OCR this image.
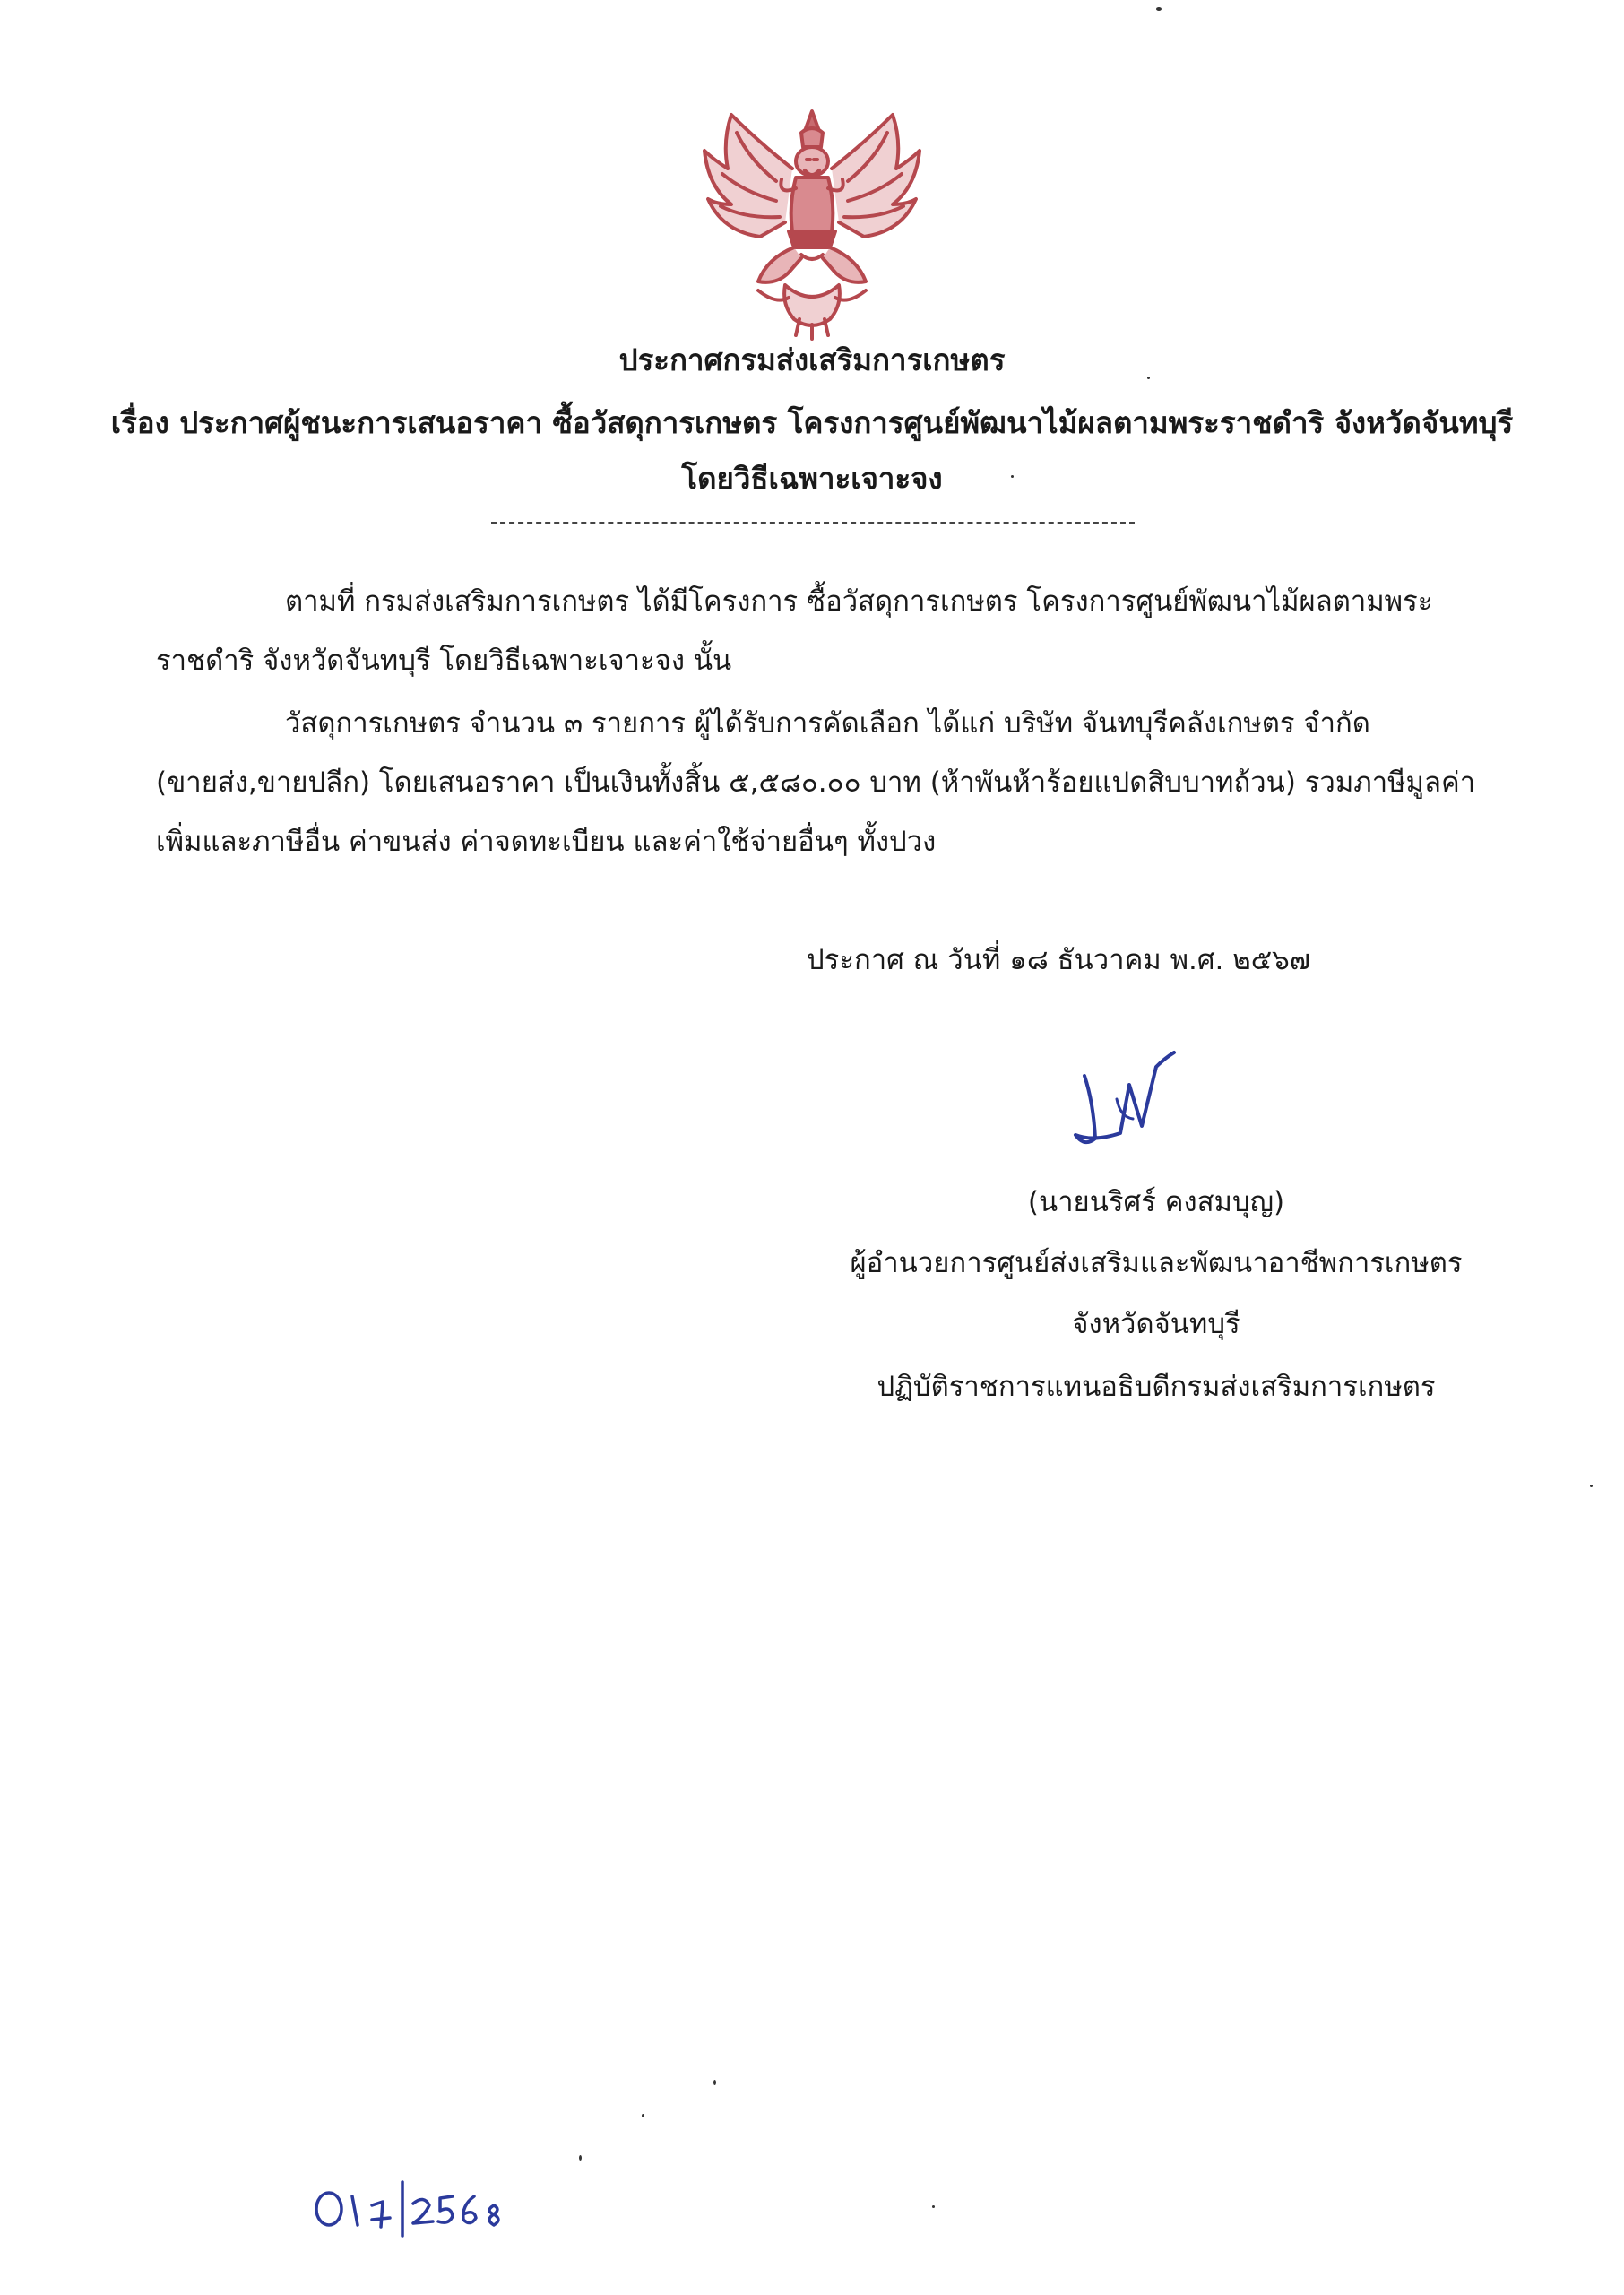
ประกาศกรมส่งเสริมการเกษตร
เรื่อง ประกาศผู้ชนะการเสนอราคา ซื้อวัสดุการเกษตร โครงการศูนย์พัฒนาไม้ผลตามพระราชดำริ จังหวัดจันทบุรี
โดยวิธีเฉพาะเจาะจง
ตามที่ กรมส่งเสริมการเกษตร ได้มีโครงการ ซื้อวัสดุการเกษตร โครงการศูนย์พัฒนาไม้ผลตามพระ
ราชดำริ จังหวัดจันทบุรี โดยวิธีเฉพาะเจาะจง นั้น
วัสดุการเกษตร จำนวน ๓ รายการ ผู้ได้รับการคัดเลือก ได้แก่ บริษัท จันทบุรีคลังเกษตร จำกัด
(ขายส่ง,ขายปลีก) โดยเสนอราคา เป็นเงินทั้งสิ้น ๕,๕๘๐.๐๐ บาท (ห้าพันห้าร้อยแปดสิบบาทถ้วน) รวมภาษีมูลค่า
เพิ่มและภาษีอื่น ค่าขนส่ง ค่าจดทะเบียน และค่าใช้จ่ายอื่นๆ ทั้งปวง
ประกาศ ณ วันที่ ๑๘ ธันวาคม พ.ศ. ๒๕๖๗
(นายนริศร์ คงสมบุญ)
ผู้อำนวยการศูนย์ส่งเสริมและพัฒนาอาชีพการเกษตร
จังหวัดจันทบุรี
ปฏิบัติราชการแทนอธิบดีกรมส่งเสริมการเกษตร
